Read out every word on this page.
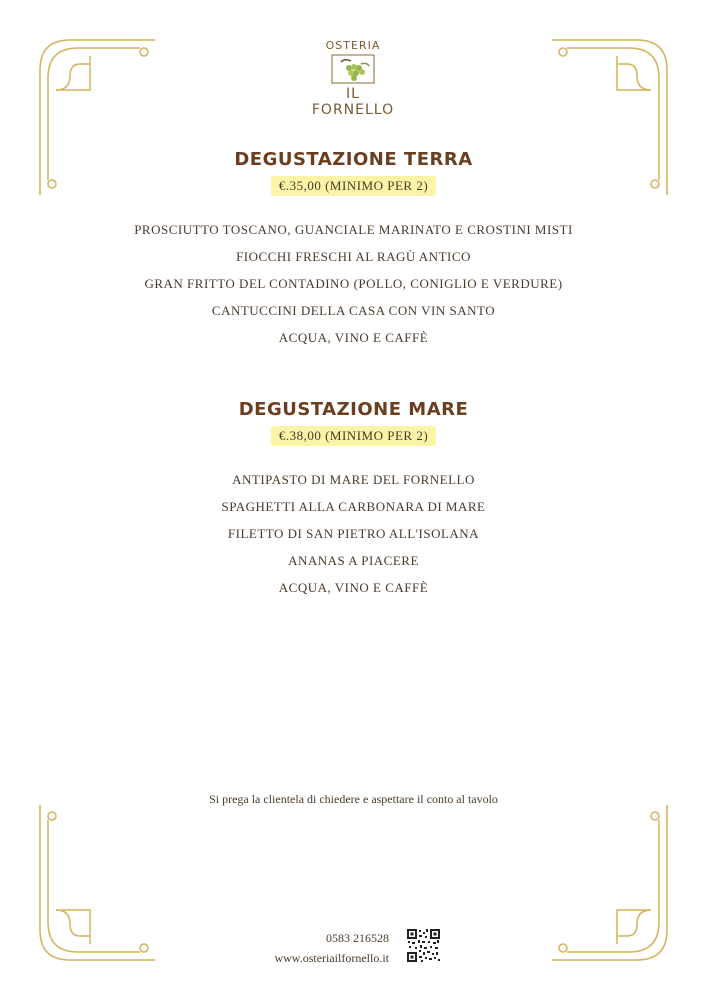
OSTERIA
IL FORNELLO
DEGUSTAZIONE TERRA
€.35,00 (MINIMO PER 2)
PROSCIUTTO TOSCANO, GUANCIALE MARINATO E CROSTINI MISTI
FIOCCHI FRESCHI AL RAGÙ ANTICO
GRAN FRITTO DEL CONTADINO (POLLO, CONIGLIO E VERDURE)
CANTUCCINI DELLA CASA CON VIN SANTO
ACQUA, VINO E CAFFÈ
DEGUSTAZIONE MARE
€.38,00 (MINIMO PER 2)
ANTIPASTO DI MARE DEL FORNELLO
SPAGHETTI ALLA CARBONARA DI MARE
FILETTO DI SAN PIETRO ALL'ISOLANA
ANANAS A PIACERE
ACQUA, VINO E CAFFÈ
Si prega la clientela di chiedere e aspettare il conto al tavolo
0583 216528
www.osteriailfornello.it
